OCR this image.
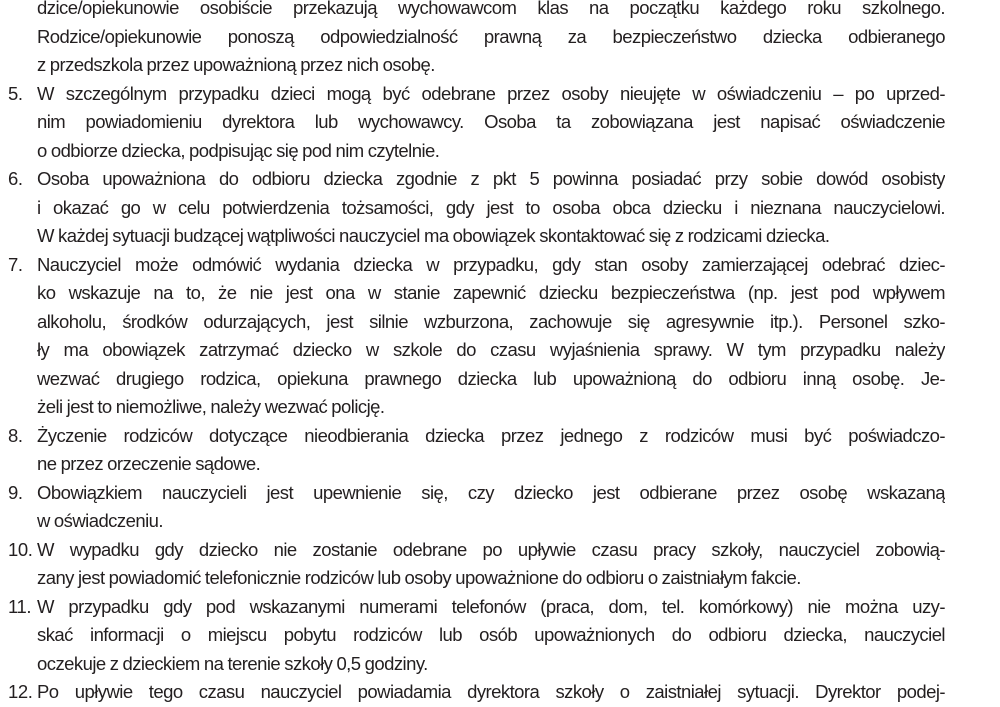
dzice/opiekunowie osobiście przekazują wychowawcom klas na początku każdego roku szkolnego.
Rodzice/opiekunowie ponoszą odpowiedzialność prawną za bezpieczeństwo dziecka odbieranego
z przedszkola przez upoważnioną przez nich osobę.
5. W szczególnym przypadku dzieci mogą być odebrane przez osoby nieujęte w oświadczeniu – po uprzed-
nim powiadomieniu dyrektora lub wychowawcy. Osoba ta zobowiązana jest napisać oświadczenie
o odbiorze dziecka, podpisując się pod nim czytelnie.
6. Osoba upoważniona do odbioru dziecka zgodnie z pkt 5 powinna posiadać przy sobie dowód osobisty
i okazać go w celu potwierdzenia tożsamości, gdy jest to osoba obca dziecku i nieznana nauczycielowi.
W każdej sytuacji budzącej wątpliwości nauczyciel ma obowiązek skontaktować się z rodzicami dziecka.
7. Nauczyciel może odmówić wydania dziecka w przypadku, gdy stan osoby zamierzającej odebrać dziec-
ko wskazuje na to, że nie jest ona w stanie zapewnić dziecku bezpieczeństwa (np. jest pod wpływem
alkoholu, środków odurzających, jest silnie wzburzona, zachowuje się agresywnie itp.). Personel szko-
ły ma obowiązek zatrzymać dziecko w szkole do czasu wyjaśnienia sprawy. W tym przypadku należy
wezwać drugiego rodzica, opiekuna prawnego dziecka lub upoważnioną do odbioru inną osobę. Je-
żeli jest to niemożliwe, należy wezwać policję.
8. Życzenie rodziców dotyczące nieodbierania dziecka przez jednego z rodziców musi być poświadczo-
ne przez orzeczenie sądowe.
9. Obowiązkiem nauczycieli jest upewnienie się, czy dziecko jest odbierane przez osobę wskazaną
w oświadczeniu.
10. W wypadku gdy dziecko nie zostanie odebrane po upływie czasu pracy szkoły, nauczyciel zobowią-
zany jest powiadomić telefonicznie rodziców lub osoby upoważnione do odbioru o zaistniałym fakcie.
11. W przypadku gdy pod wskazanymi numerami telefonów (praca, dom, tel. komórkowy) nie można uzy-
skać informacji o miejscu pobytu rodziców lub osób upoważnionych do odbioru dziecka, nauczyciel
oczekuje z dzieckiem na terenie szkoły 0,5 godziny.
12. Po upływie tego czasu nauczyciel powiadamia dyrektora szkoły o zaistniałej sytuacji. Dyrektor podej-
